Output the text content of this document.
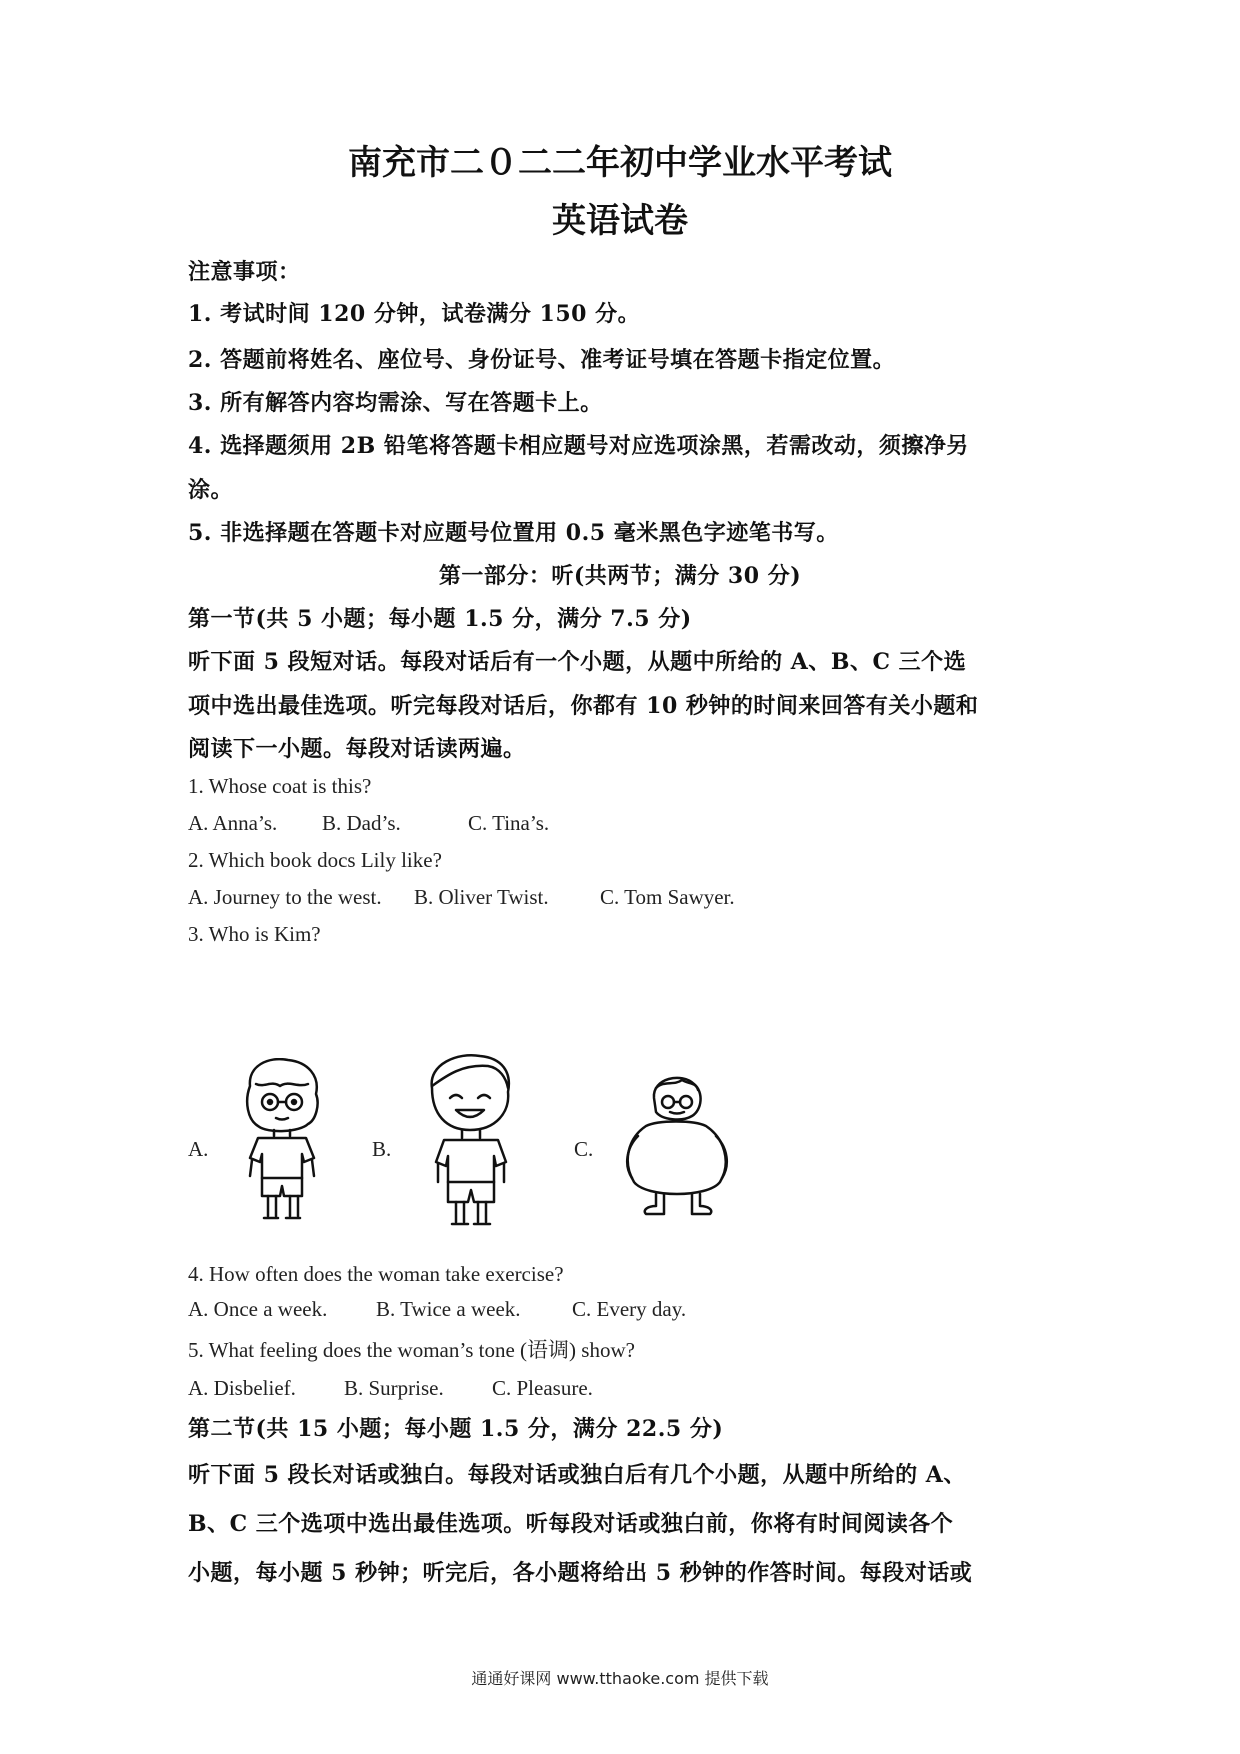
南充市二０二二年初中学业水平考试
英语试卷
注意事项：
1. 考试时间 120 分钟，试卷满分 150 分。
2. 答题前将姓名、座位号、身份证号、准考证号填在答题卡指定位置。
3. 所有解答内容均需涂、写在答题卡上。
4. 选择题须用 2B 铅笔将答题卡相应题号对应选项涂黑，若需改动，须擦净另
涂。
5. 非选择题在答题卡对应题号位置用 0.5 毫米黑色字迹笔书写。
第一部分：听(共两节；满分 30 分)
第一节(共 5 小题；每小题 1.5 分，满分 7.5 分)
听下面 5 段短对话。每段对话后有一个小题，从题中所给的 A、B、C 三个选
项中选出最佳选项。听完每段对话后，你都有 10 秒钟的时间来回答有关小题和
阅读下一小题。每段对话读两遍。
1. Whose coat is this?
A. Anna’s. B. Dad’s.	C. Tina’s.
2. Which book docs Lily like?
A. Journey to the west. B. Oliver Twist. C. Tom Sawyer.
3. Who is Kim?
A.	B.	C.
4. How often does the woman take exercise?
A. Once a week. B. Twice a week. C. Every day.
5. What feeling does the woman’s tone (语调) show?
A. Disbelief. B. Surprise. C. Pleasure.
第二节(共 15 小题；每小题 1.5 分，满分 22.5 分)
听下面 5 段长对话或独白。每段对话或独白后有几个小题，从题中所给的 A、
B、C 三个选项中选出最佳选项。听每段对话或独白前，你将有时间阅读各个
小题，每小题 5 秒钟；听完后，各小题将给出 5 秒钟的作答时间。每段对话或
通通好课网 www.tthaoke.com 提供下载
